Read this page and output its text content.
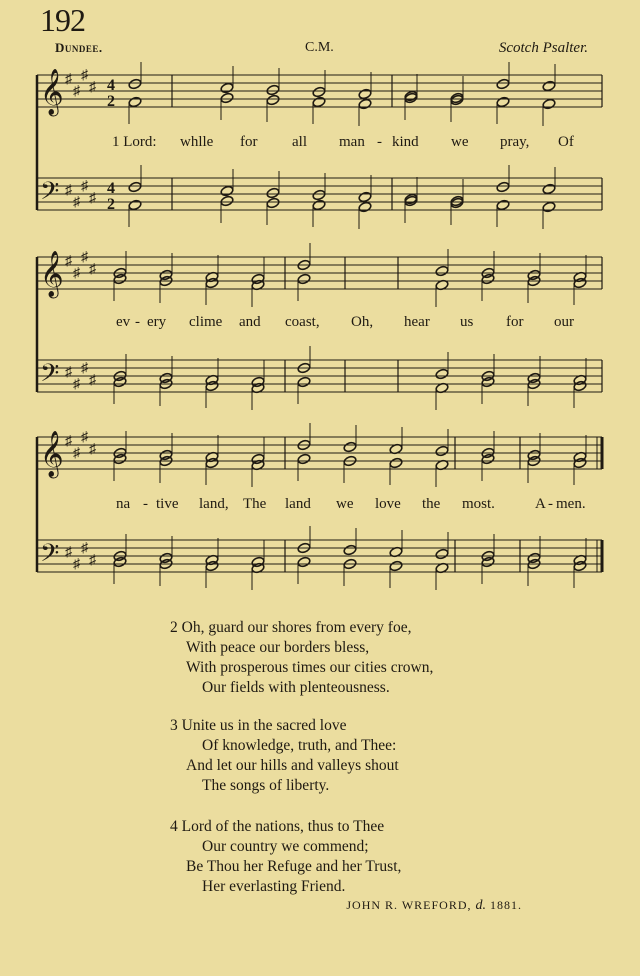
192
Dundee.	C.M.	Scotch Psalter.
𝄞 ♯
♯
♯
♯ 4
2
𝄢 ♯
♯
♯
♯
4
2
𝄞 ♯
♯
♯
♯
𝄢 ♯
♯
♯
♯
𝄞 ♯
♯
♯
♯
𝄢 ♯
♯
♯
♯
1 Lord: whlle for all man - kind we pray, Of
ev - ery clime and coast, Oh, hear us for our
na - tive land, The land we love the most.	A - men.
2 Oh, guard our shores from every foe,
With peace our borders bless,
With prosperous times our cities crown,
Our fields with plenteousness.
3 Unite us in the sacred love
Of knowledge, truth, and Thee:
And let our hills and valleys shout
The songs of liberty.
4 Lord of the nations, thus to Thee
Our country we commend;
Be Thou her Refuge and her Trust,
Her everlasting Friend.
JOHN R. WREFORD, d. 1881.
